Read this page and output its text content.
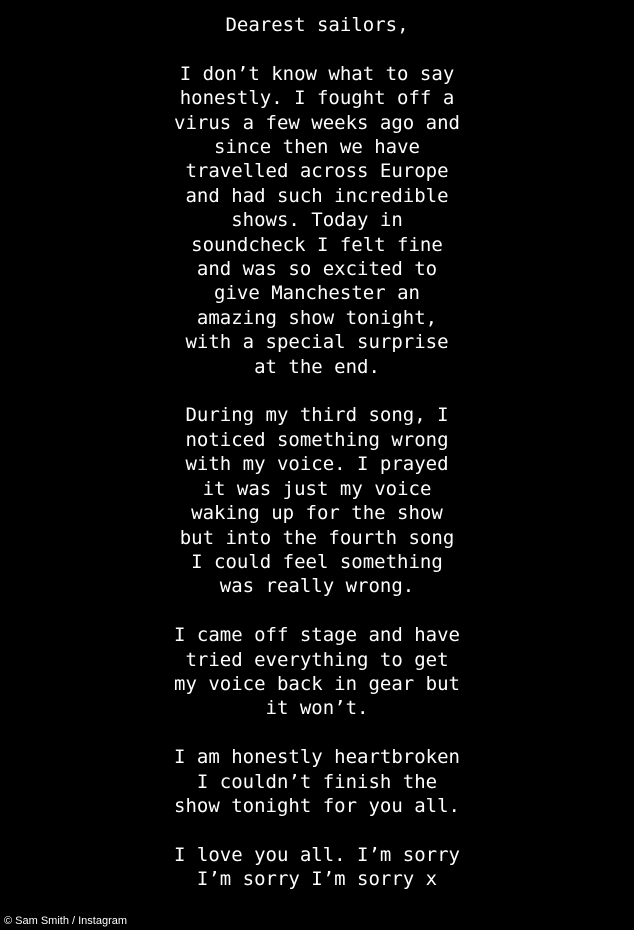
Dearest sailors,
I don’t know what to say
honestly. I fought off a
virus a few weeks ago and
since then we have
travelled across Europe
and had such incredible
shows. Today in
soundcheck I felt fine
and was so excited to
give Manchester an
amazing show tonight,
with a special surprise
at the end.
During my third song, I
noticed something wrong
with my voice. I prayed
it was just my voice
waking up for the show
but into the fourth song
I could feel something
was really wrong.
I came off stage and have
tried everything to get
my voice back in gear but
it won’t.
I am honestly heartbroken
I couldn’t finish the
show tonight for you all.
I love you all. I’m sorry
I’m sorry I’m sorry x
© Sam Smith / Instagram
